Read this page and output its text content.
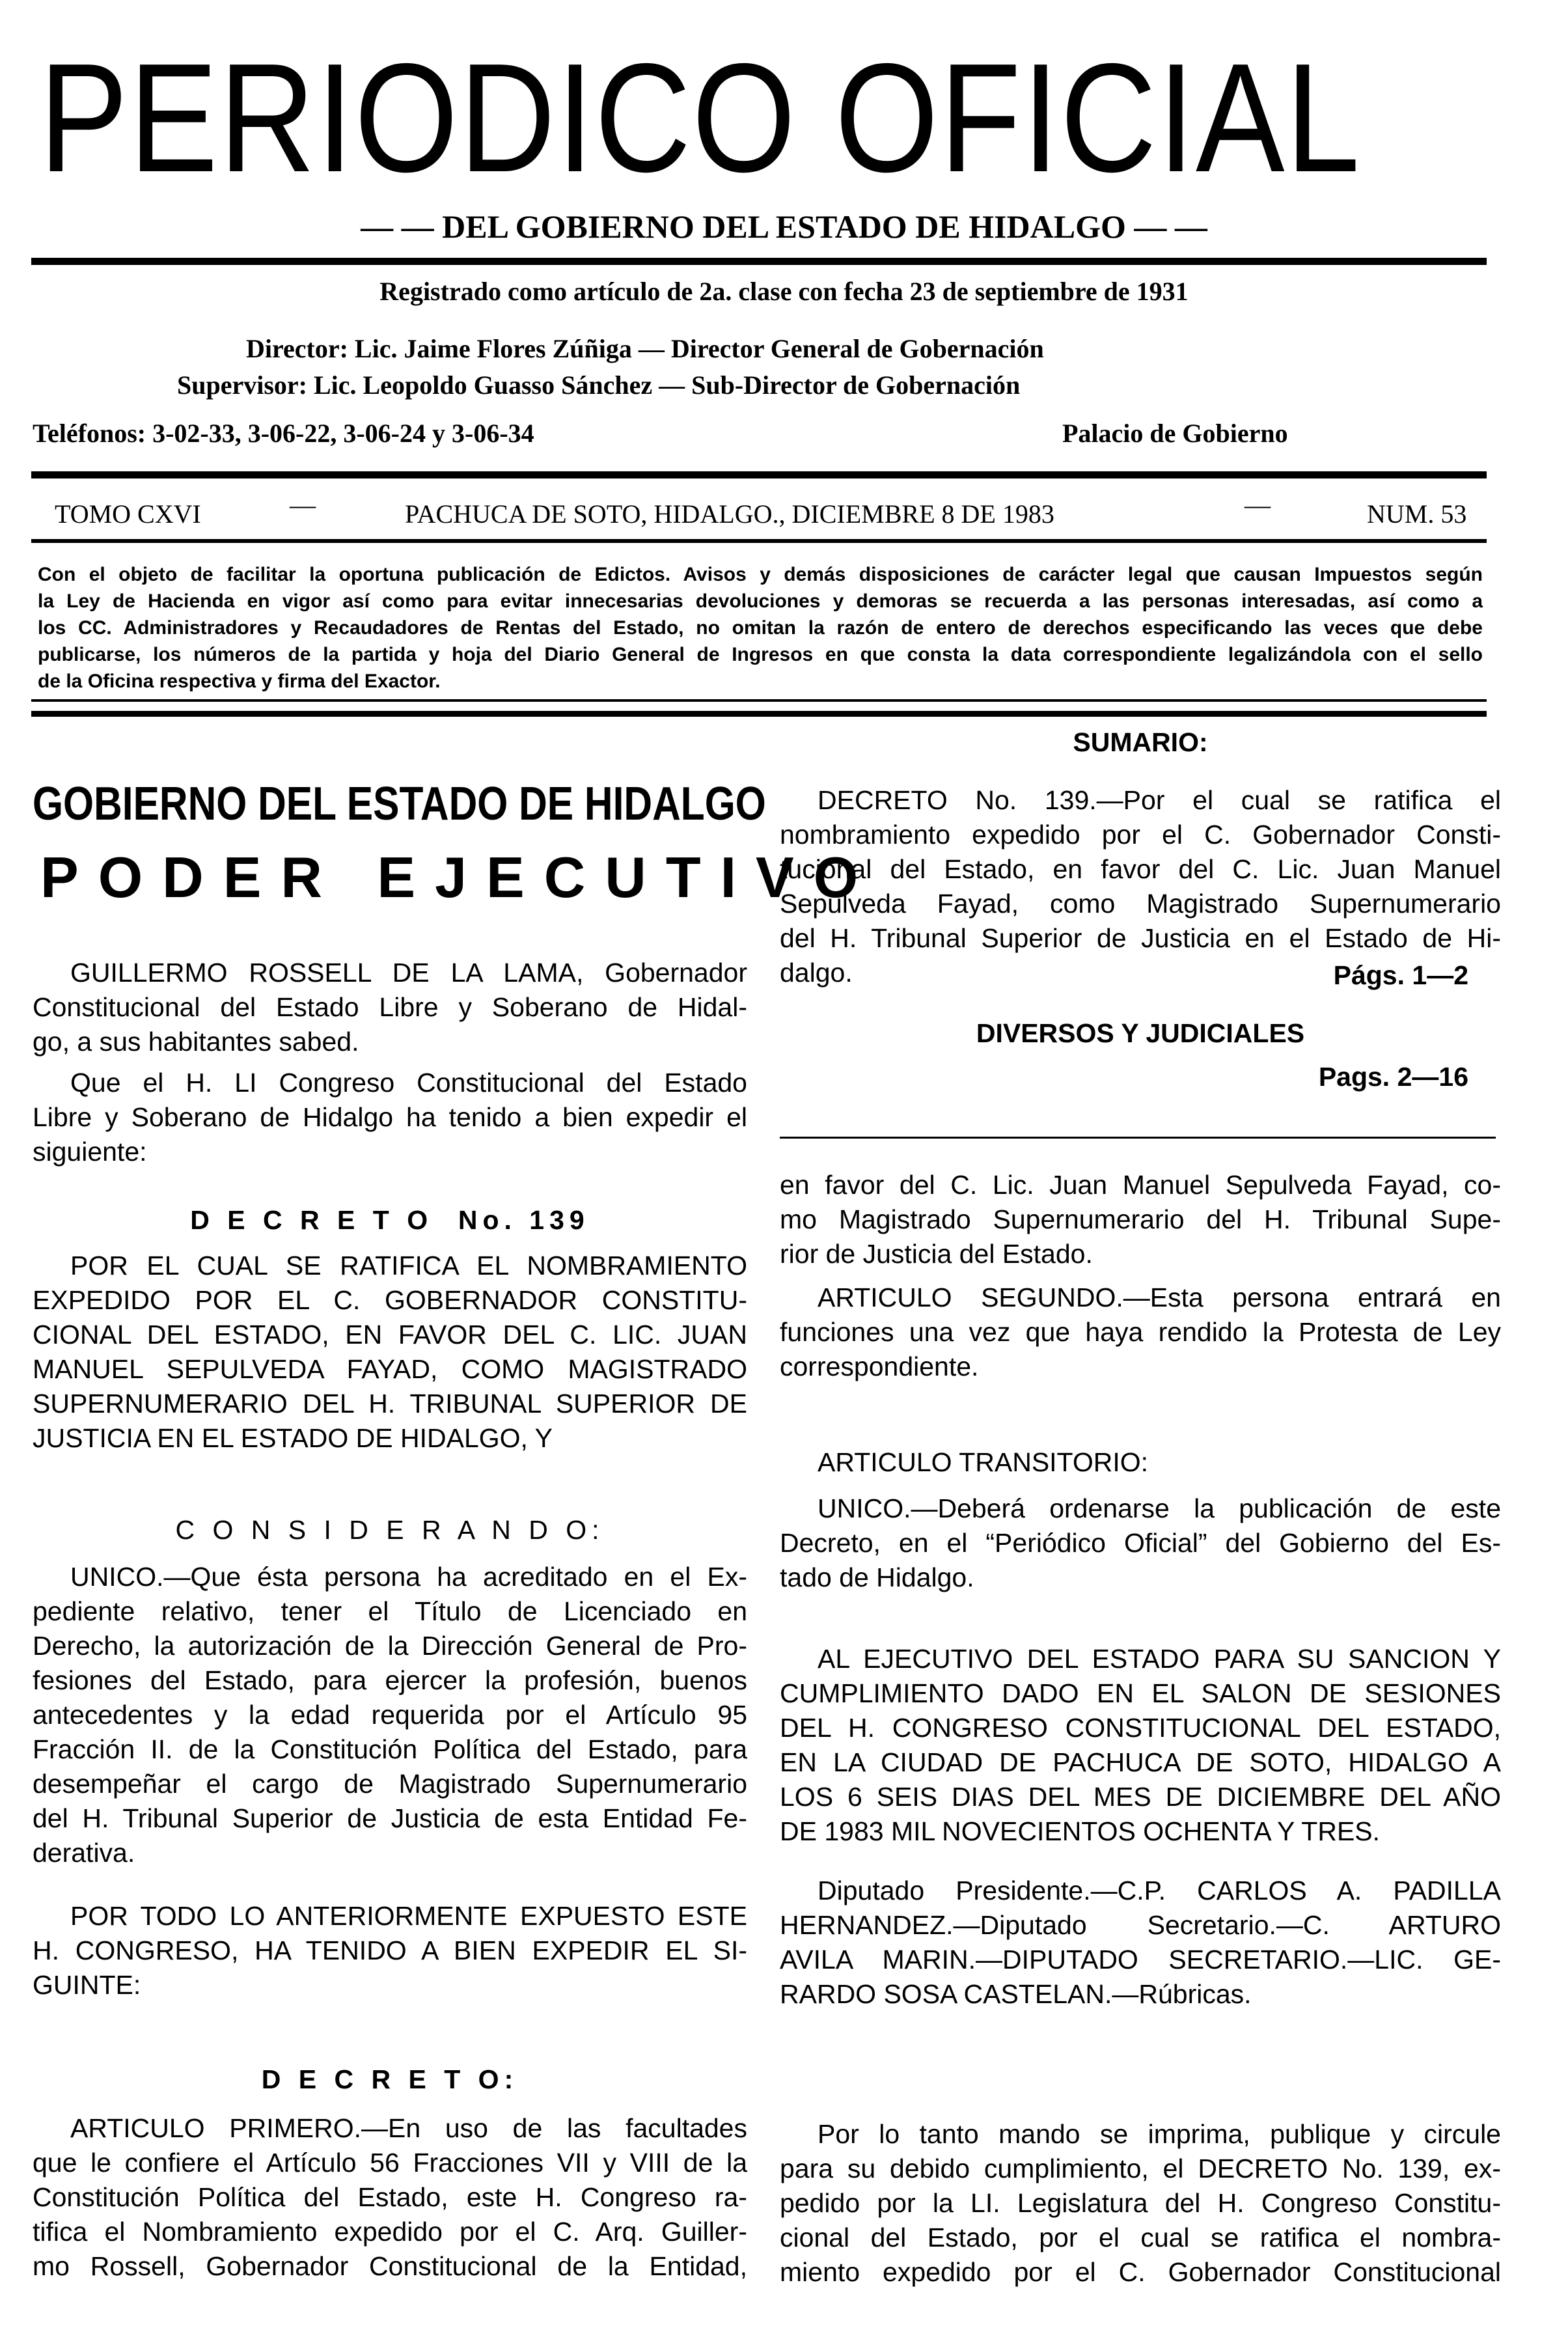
PERIODICO OFICIAL
— — DEL GOBIERNO DEL ESTADO DE HIDALGO — —
Registrado como artículo de 2a. clase con fecha 23 de septiembre de 1931
Director: Lic. Jaime Flores Zúñiga — Director General de Gobernación
Supervisor: Lic. Leopoldo Guasso Sánchez — Sub-Director de Gobernación
Teléfonos: 3-02-33, 3-06-22, 3-06-24 y 3-06-34	Palacio de Gobierno
TOMO CXVI	—	PACHUCA DE SOTO, HIDALGO., DICIEMBRE 8 DE 1983	—	NUM. 53
Con el objeto de facilitar la oportuna publicación de Edictos. Avisos y demás disposiciones de carácter legal que causan Impuestos según
la Ley de Hacienda en vigor así como para evitar innecesarias devoluciones y demoras se recuerda a las personas interesadas, así como a
los CC. Administradores y Recaudadores de Rentas del Estado, no omitan la razón de entero de derechos especificando las veces que debe
publicarse, los números de la partida y hoja del Diario General de Ingresos en que consta la data correspondiente legalizándola con el sello
de la Oficina respectiva y firma del Exactor.
GOBIERNO DEL ESTADO DE HIDALGO
PODER EJECUTIVO
GUILLERMO ROSSELL DE LA LAMA, Gobernador
Constitucional del Estado Libre y Soberano de Hidal-
go, a sus habitantes sabed.
Que el H. LI Congreso Constitucional del Estado
Libre y Soberano de Hidalgo ha tenido a bien expedir el
siguiente:
D E C R E T O  No. 139
POR EL CUAL SE RATIFICA EL NOMBRAMIENTO
EXPEDIDO POR EL C. GOBERNADOR CONSTITU-
CIONAL DEL ESTADO, EN FAVOR DEL C. LIC. JUAN
MANUEL SEPULVEDA FAYAD, COMO MAGISTRADO
SUPERNUMERARIO DEL H. TRIBUNAL SUPERIOR DE
JUSTICIA EN EL ESTADO DE HIDALGO, Y
C O N S I D E R A N D O:
UNICO.—Que ésta persona ha acreditado en el Ex-
pediente relativo, tener el Título de Licenciado en
Derecho, la autorización de la Dirección General de Pro-
fesiones del Estado, para ejercer la profesión, buenos
antecedentes y la edad requerida por el Artículo 95
Fracción II. de la Constitución Política del Estado, para
desempeñar el cargo de Magistrado Supernumerario
del H. Tribunal Superior de Justicia de esta Entidad Fe-
derativa.
POR TODO LO ANTERIORMENTE EXPUESTO ESTE
H. CONGRESO, HA TENIDO A BIEN EXPEDIR EL SI-
GUINTE:
D E C R E T O:
ARTICULO PRIMERO.—En uso de las facultades
que le confiere el Artículo 56 Fracciones VII y VIII de la
Constitución Política del Estado, este H. Congreso ra-
tifica el Nombramiento expedido por el C. Arq. Guiller-
mo Rossell, Gobernador Constitucional de la Entidad,
SUMARIO:
DECRETO No. 139.—Por el cual se ratifica el
nombramiento expedido por el C. Gobernador Consti-
tucional del Estado, en favor del C. Lic. Juan Manuel
Sepulveda Fayad, como Magistrado Supernumerario
del H. Tribunal Superior de Justicia en el Estado de Hi-
dalgo.	Págs. 1—2
DIVERSOS Y JUDICIALES
Pags. 2—16
en favor del C. Lic. Juan Manuel Sepulveda Fayad, co-
mo Magistrado Supernumerario del H. Tribunal Supe-
rior de Justicia del Estado.
ARTICULO SEGUNDO.—Esta persona entrará en
funciones una vez que haya rendido la Protesta de Ley
correspondiente.
ARTICULO TRANSITORIO:
UNICO.—Deberá ordenarse la publicación de este
Decreto, en el “Periódico Oficial” del Gobierno del Es-
tado de Hidalgo.
AL EJECUTIVO DEL ESTADO PARA SU SANCION Y
CUMPLIMIENTO DADO EN EL SALON DE SESIONES
DEL H. CONGRESO CONSTITUCIONAL DEL ESTADO,
EN LA CIUDAD DE PACHUCA DE SOTO, HIDALGO A
LOS 6 SEIS DIAS DEL MES DE DICIEMBRE DEL AÑO
DE 1983 MIL NOVECIENTOS OCHENTA Y TRES.
Diputado Presidente.—C.P. CARLOS A. PADILLA
HERNANDEZ.—Diputado Secretario.—C. ARTURO
AVILA MARIN.—DIPUTADO SECRETARIO.—LIC. GE-
RARDO SOSA CASTELAN.—Rúbricas.
Por lo tanto mando se imprima, publique y circule
para su debido cumplimiento, el DECRETO No. 139, ex-
pedido por la LI. Legislatura del H. Congreso Constitu-
cional del Estado, por el cual se ratifica el nombra-
miento expedido por el C. Gobernador Constitucional
